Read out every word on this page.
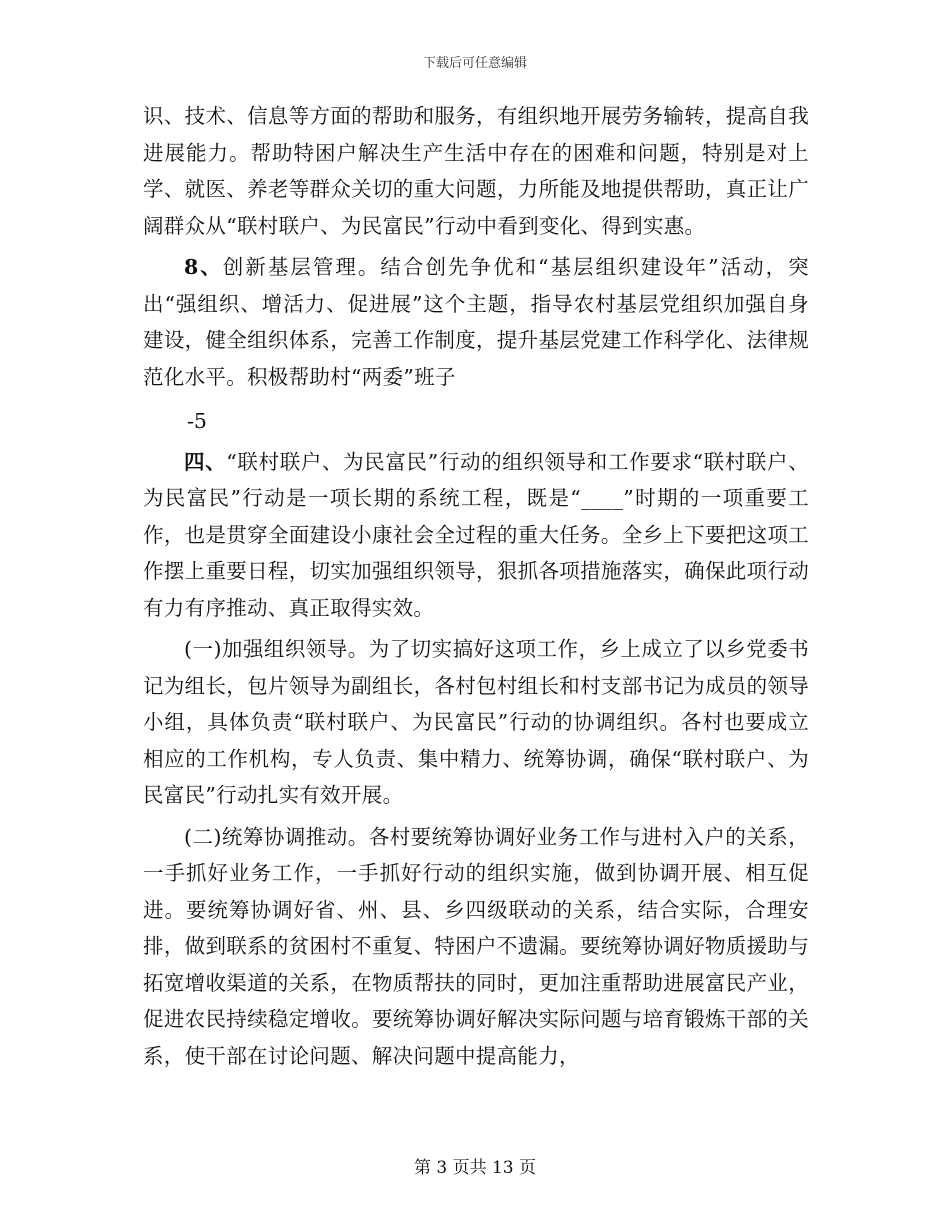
下载后可任意编辑

识、技术、信息等方面的帮助和服务，有组织地开展劳务输转，提高自我进展能力。帮助特困户解决生产生活中存在的困难和问题，特别是对上学、就医、养老等群众关切的重大问题，力所能及地提供帮助，真正让广阔群众从“联村联户、为民富民”行动中看到变化、得到实惠。

8、创新基层管理。结合创先争优和“基层组织建设年”活动，突出“强组织、增活力、促进展”这个主题，指导农村基层党组织加强自身建设，健全组织体系，完善工作制度，提升基层党建工作科学化、法律规范化水平。积极帮助村“两委”班子

-5

四、“联村联户、为民富民”行动的组织领导和工作要求“联村联户、为民富民”行动是一项长期的系统工程，既是“____”时期的一项重要工作，也是贯穿全面建设小康社会全过程的重大任务。全乡上下要把这项工作摆上重要日程，切实加强组织领导，狠抓各项措施落实，确保此项行动有力有序推动、真正取得实效。

(一)加强组织领导。为了切实搞好这项工作，乡上成立了以乡党委书记为组长，包片领导为副组长，各村包村组长和村支部书记为成员的领导小组，具体负责“联村联户、为民富民”行动的协调组织。各村也要成立相应的工作机构，专人负责、集中精力、统筹协调，确保“联村联户、为民富民”行动扎实有效开展。

(二)统筹协调推动。各村要统筹协调好业务工作与进村入户的关系，一手抓好业务工作，一手抓好行动的组织实施，做到协调开展、相互促进。要统筹协调好省、州、县、乡四级联动的关系，结合实际，合理安排，做到联系的贫困村不重复、特困户不遗漏。要统筹协调好物质援助与拓宽增收渠道的关系，在物质帮扶的同时，更加注重帮助进展富民产业，促进农民持续稳定增收。要统筹协调好解决实际问题与培育锻炼干部的关系，使干部在讨论问题、解决问题中提高能力，

第 3 页共 13 页
